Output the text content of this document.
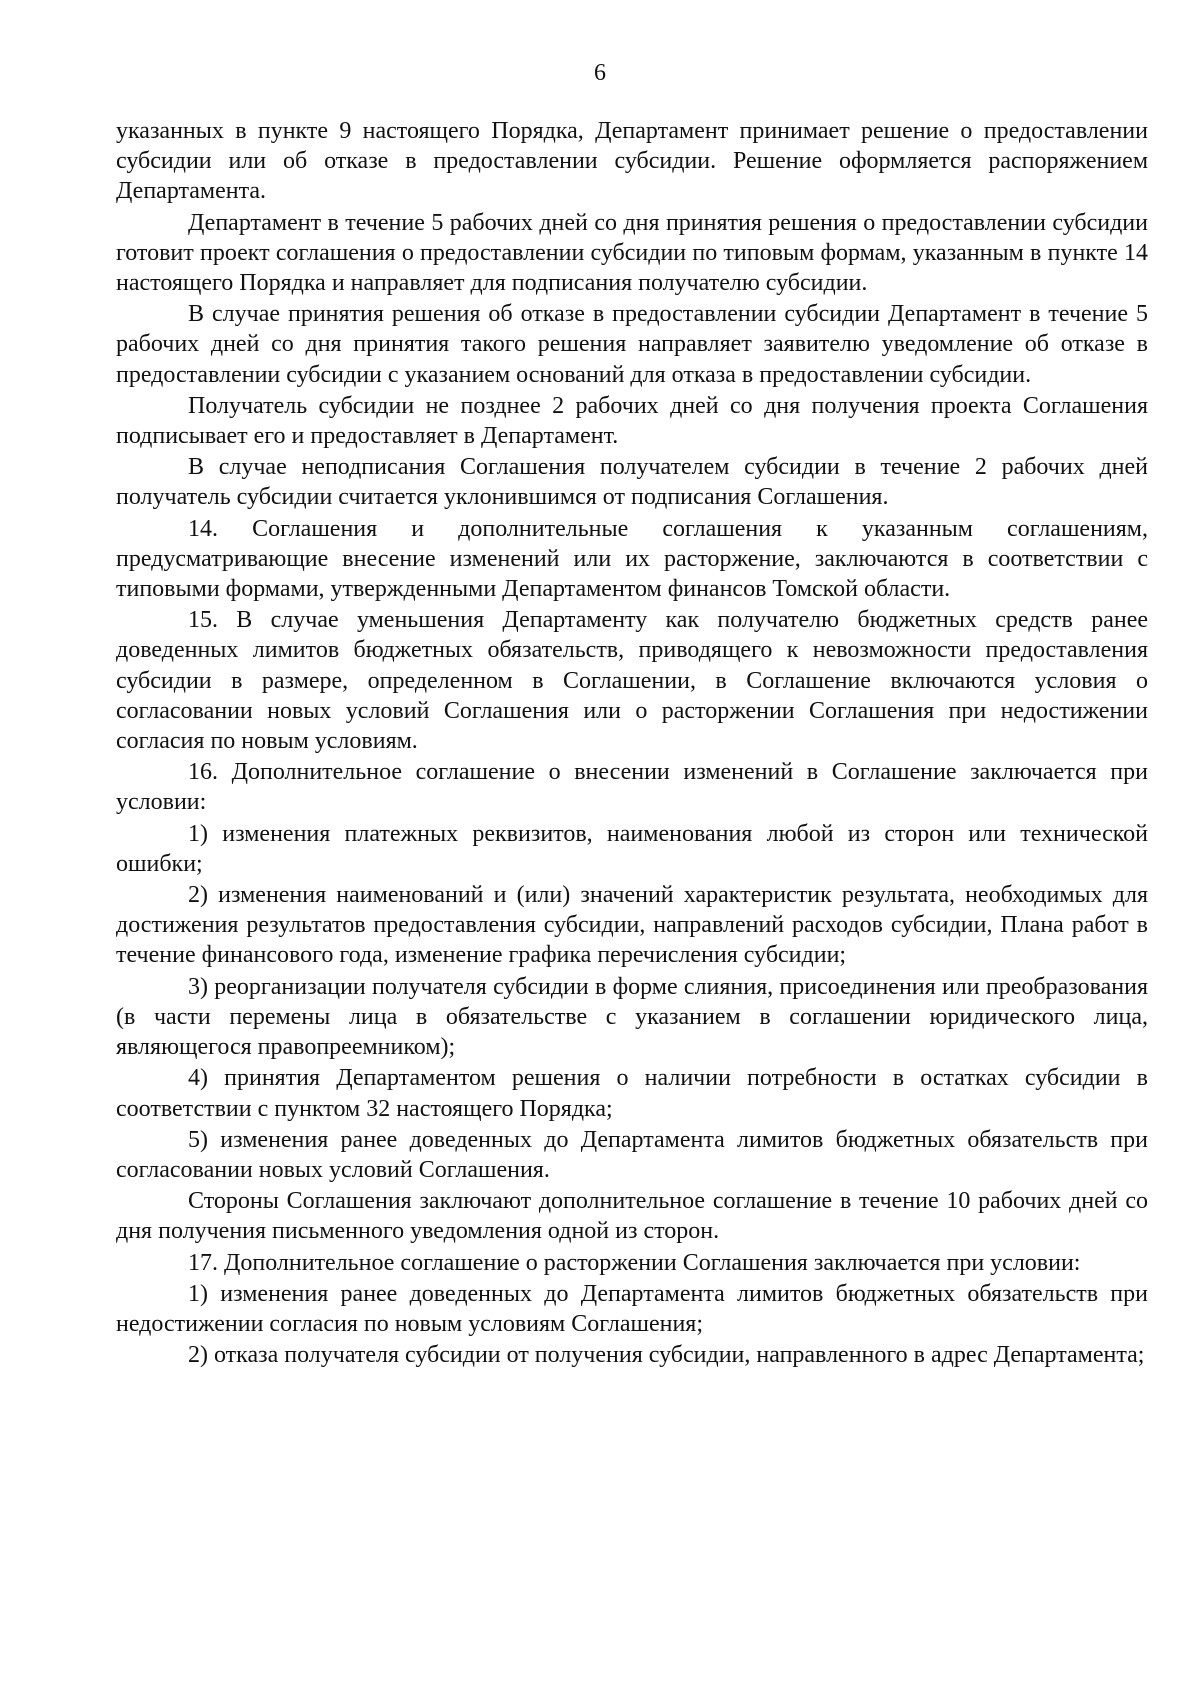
6

указанных в пункте 9 настоящего Порядка, Департамент принимает решение о предоставлении субсидии или об отказе в предоставлении субсидии. Решение оформляется распоряжением Департамента.

Департамент в течение 5 рабочих дней со дня принятия решения о предоставлении субсидии готовит проект соглашения о предоставлении субсидии по типовым формам, указанным в пункте 14 настоящего Порядка и направляет для подписания получателю субсидии.

В случае принятия решения об отказе в предоставлении субсидии Департамент в течение 5 рабочих дней со дня принятия такого решения направляет заявителю уведомление об отказе в предоставлении субсидии с указанием оснований для отказа в предоставлении субсидии.

Получатель субсидии не позднее 2 рабочих дней со дня получения проекта Соглашения подписывает его и предоставляет в Департамент.

В случае неподписания Соглашения получателем субсидии в течение 2 рабочих дней получатель субсидии считается уклонившимся от подписания Соглашения.

14. Соглашения и дополнительные соглашения к указанным соглашениям, предусматривающие внесение изменений или их расторжение, заключаются в соответствии с типовыми формами, утвержденными Департаментом финансов Томской области.

15. В случае уменьшения Департаменту как получателю бюджетных средств ранее доведенных лимитов бюджетных обязательств, приводящего к невозможности предоставления субсидии в размере, определенном в Соглашении, в Соглашение включаются условия о согласовании новых условий Соглашения или о расторжении Соглашения при недостижении согласия по новым условиям.

16. Дополнительное соглашение о внесении изменений в Соглашение заключается при условии:

1) изменения платежных реквизитов, наименования любой из сторон или технической ошибки;

2) изменения наименований и (или) значений характеристик результата, необходимых для достижения результатов предоставления субсидии, направлений расходов субсидии, Плана работ в течение финансового года, изменение графика перечисления субсидии;

3) реорганизации получателя субсидии в форме слияния, присоединения или преобразования (в части перемены лица в обязательстве с указанием в соглашении юридического лица, являющегося правопреемником);

4) принятия Департаментом решения о наличии потребности в остатках субсидии в соответствии с пунктом 32 настоящего Порядка;

5) изменения ранее доведенных до Департамента лимитов бюджетных обязательств при согласовании новых условий Соглашения.

Стороны Соглашения заключают дополнительное соглашение в течение 10 рабочих дней со дня получения письменного уведомления одной из сторон.

17. Дополнительное соглашение о расторжении Соглашения заключается при условии:

1) изменения ранее доведенных до Департамента лимитов бюджетных обязательств при недостижении согласия по новым условиям Соглашения;

2) отказа получателя субсидии от получения субсидии, направленного в адрес Департамента;
